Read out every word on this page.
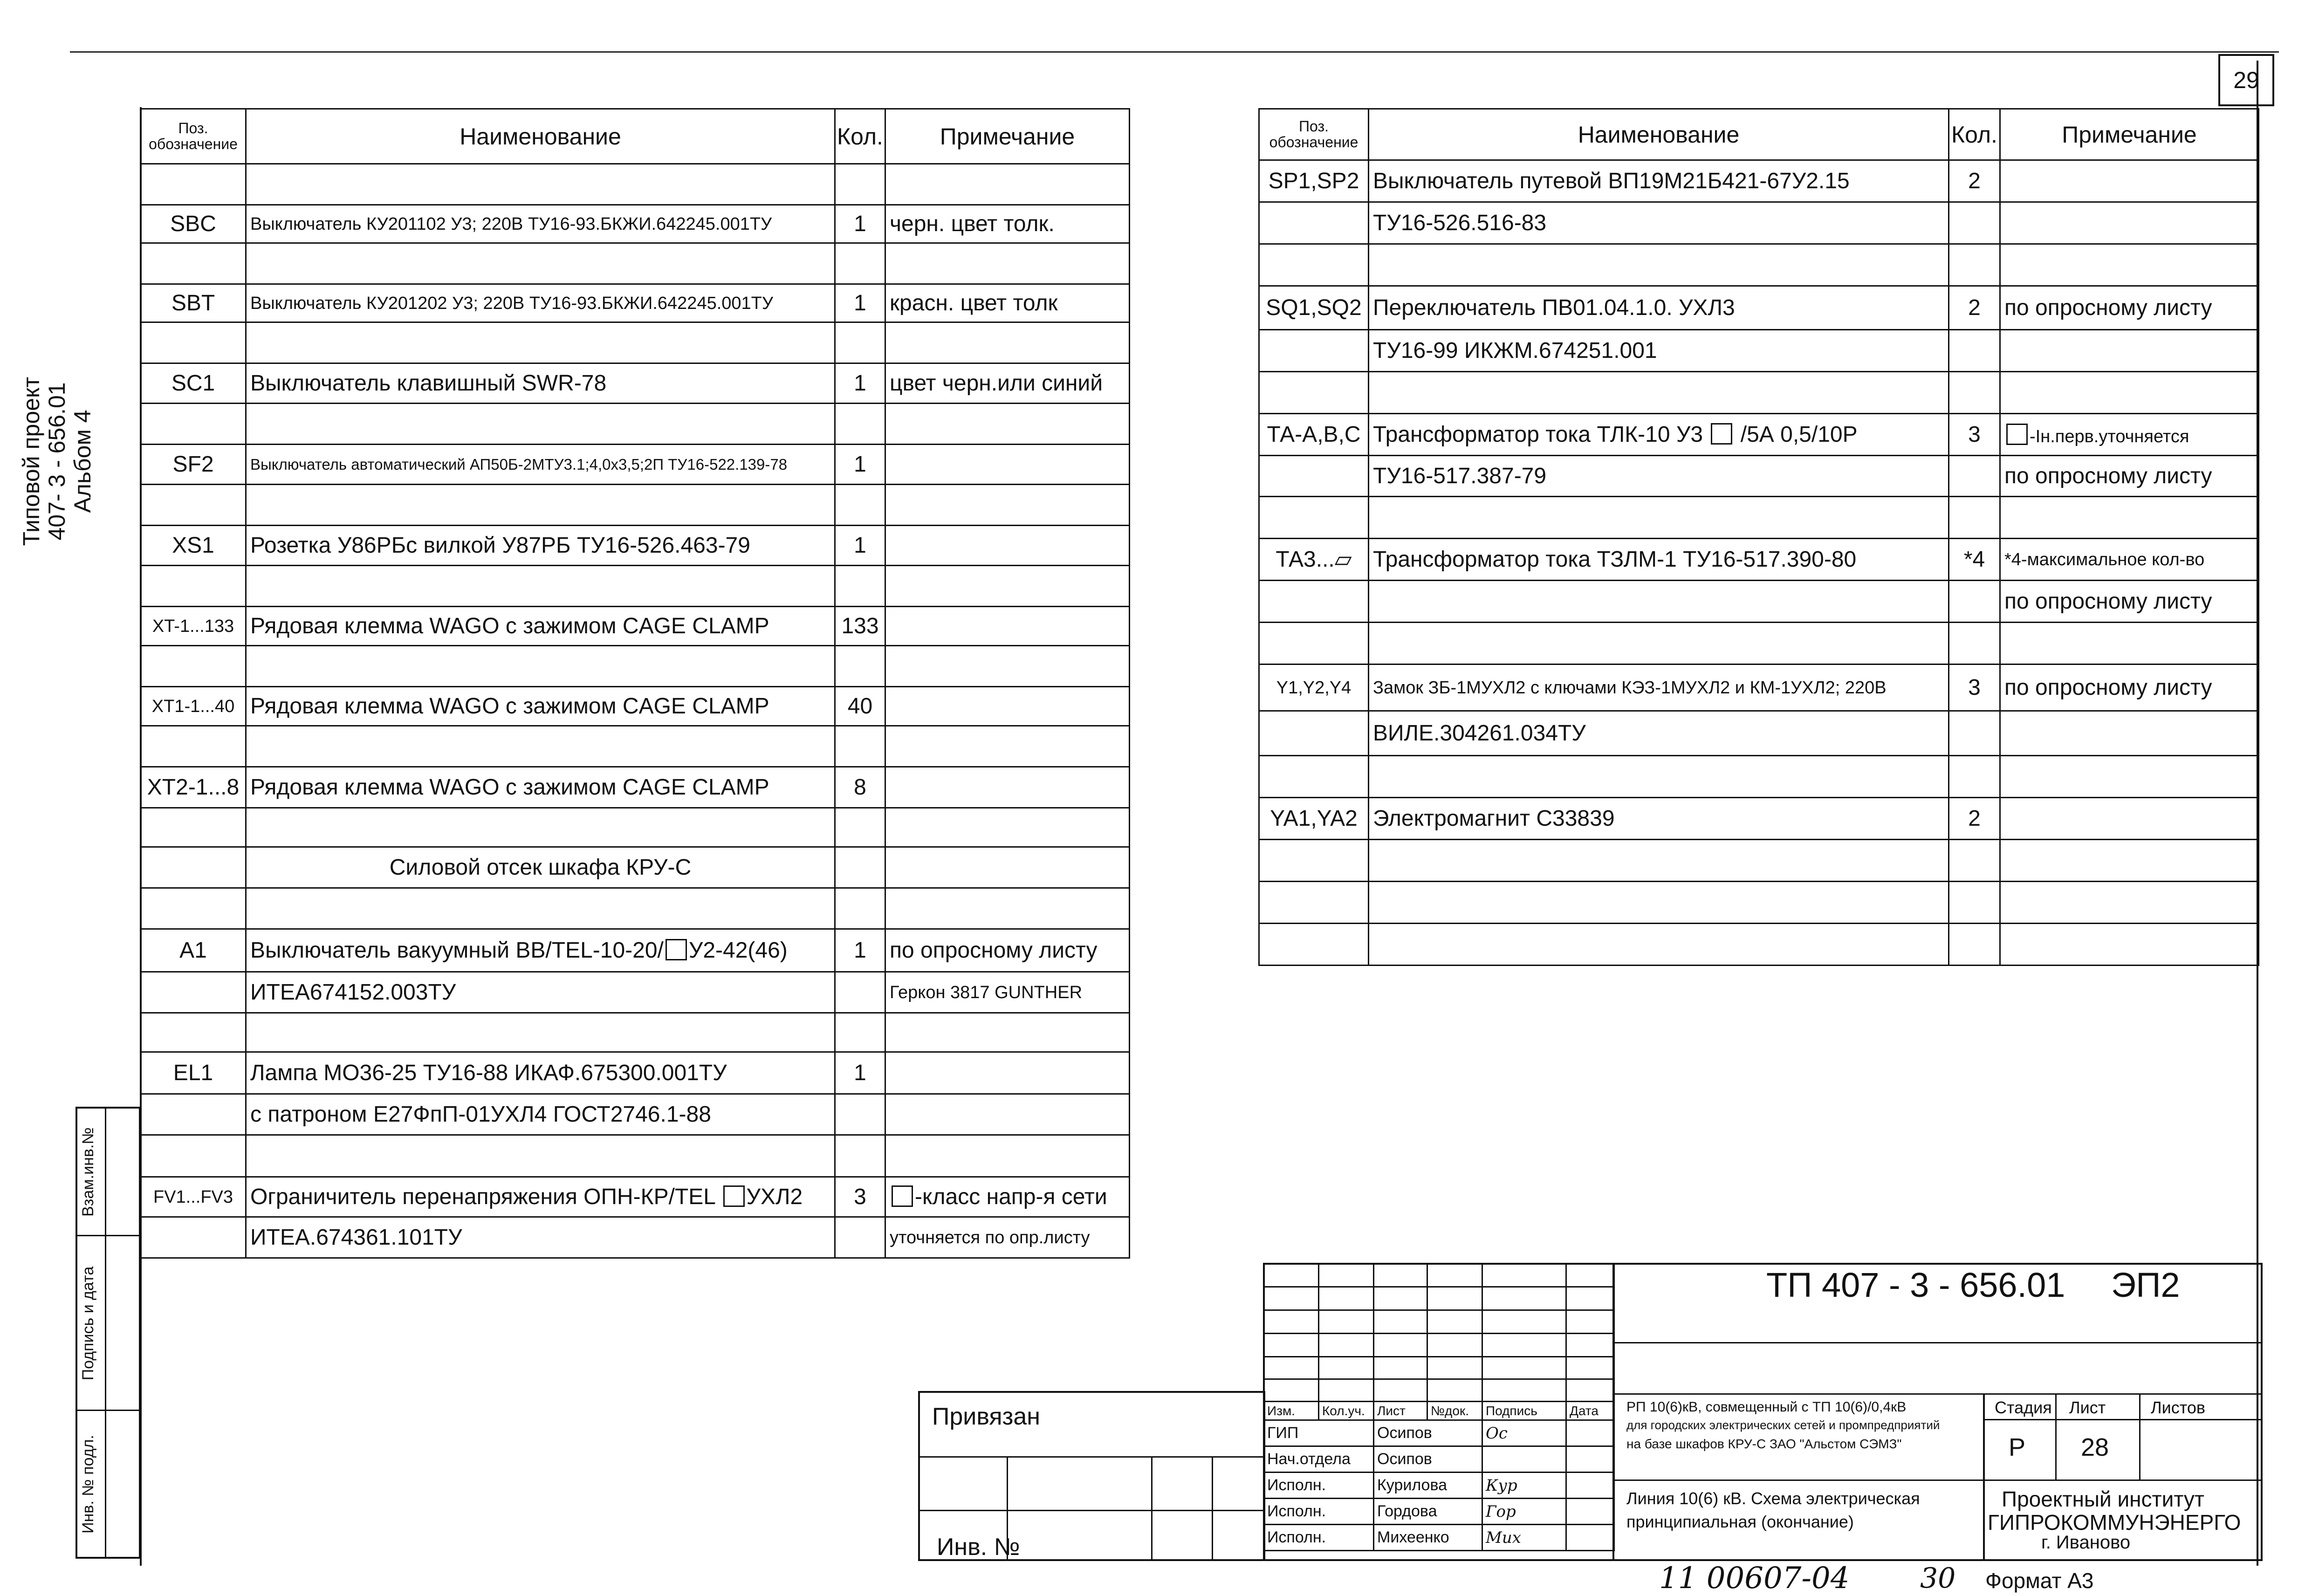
29
Типовой проект 407- 3 - 656.01 Альбом 4
Взам.инв.№
Подпись и дата
Инв. № подл.
Поз. обозначение	Наименование	Кол.	Примечание

SBC	Выключатель КУ201102 У3; 220В ТУ16-93.БКЖИ.642245.001ТУ	1	черн. цвет толк.

SBT	Выключатель КУ201202 У3; 220В ТУ16-93.БКЖИ.642245.001ТУ	1	красн. цвет толк

SC1	Выключатель клавишный SWR-78	1	цвет черн.или синий

SF2	Выключатель автоматический АП50Б-2МТУ3.1;4,0х3,5;2П ТУ16-522.139-78	1	

XS1	Розетка У86РБс вилкой У87РБ ТУ16-526.463-79	1	

XT-1...133	Рядовая клемма WAGO с зажимом CAGE CLAMP	133	

XT1-1...40	Рядовая клемма WAGO с зажимом CAGE CLAMP	40	

XT2-1...8	Рядовая клемма WAGO с зажимом CAGE CLAMP	8	

	Силовой отсек шкафа КРУ-С		

A1	Выключатель вакуумный ВВ/TEL-10-20/ У2-42(46)	1	по опросному листу
	ИТЕА674152.003ТУ		Геркон 3817 GUNTHER

EL1	Лампа МО36-25 ТУ16-88 ИКАФ.675300.001ТУ	1	
	с патроном Е27ФпП-01УХЛ4 ГОСТ2746.1-88		

FV1...FV3	Ограничитель перенапряжения ОПН-КР/TEL УХЛ2	3	-класс напр-я сети
	ИТЕА.674361.101ТУ		уточняется по опр.листу
Поз. обозначение	Наименование	Кол.	Примечание
SP1,SP2	Выключатель путевой ВП19М21Б421-67У2.15	2	
	ТУ16-526.516-83		

SQ1,SQ2	Переключатель ПВ01.04.1.0. УХЛ3	2	по опросному листу
	ТУ16-99 ИКЖМ.674251.001		

ТА-А,В,С	Трансформатор тока ТЛК-10 У3  /5А 0,5/10Р	3	-Iн.перв.уточняется
	ТУ16-517.387-79		по опросному листу

ТА3...▱	Трансформатор тока ТЗЛМ-1 ТУ16-517.390-80	*4	*4-максимальное кол-во
			по опросному листу

Y1,Y2,Y4	Замок ЗБ-1МУХЛ2 с ключами КЭЗ-1МУХЛ2 и КМ-1УХЛ2; 220В	3	по опросному листу
	ВИЛЕ.304261.034ТУ		

YA1,YA2	Электромагнит С33839	2	

Привязан
Инв. №
ТП 407 - 3 - 656.01 ЭП2

Изм.	Кол.уч.	Лист	№док.	Подпись	Дата
ГИП		Осипов		Ос	
Нач.отдела		Осипов			
Исполн.		Курилова		Кур	
Исполн.		Гордова		Гор	
Исполн.		Михеенко		Мих	
РП 10(6)кВ, совмещенный с ТП 10(6)/0,4кВ
для городских электрических сетей и промпредприятий
на базе шкафов КРУ-С ЗАО "Альстом СЭМЗ"
Линия 10(6) кВ. Схема электрическая
принципиальная (окончание)
Стадия Лист	Листов
Р 28
Проектный институт
ГИПРОКОММУНЭНЕРГО
г. Иваново
11 00607-04	30 Формат А3
